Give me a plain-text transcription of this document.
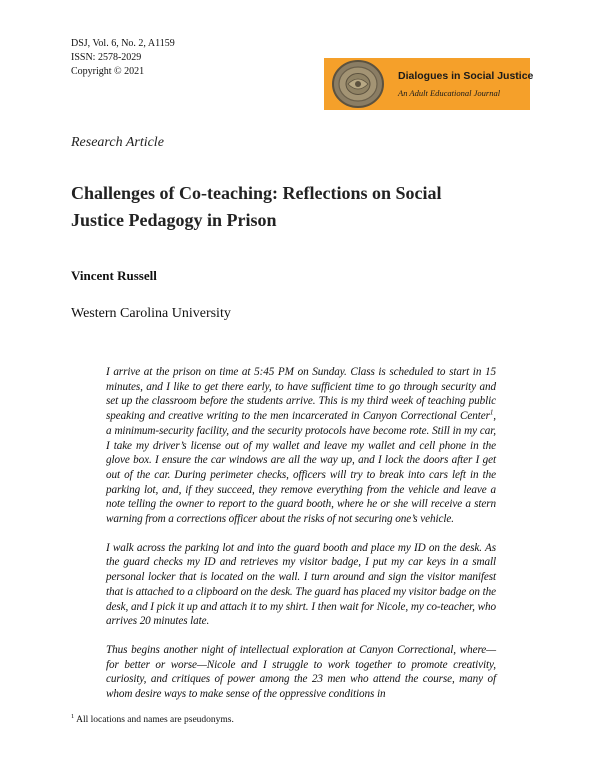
DSJ, Vol. 6, No. 2, A1159
ISSN: 2578-2029
Copyright © 2021	Dialogues in Social Justice
An Adult Educational Journal
Research Article
Challenges of Co-teaching: Reflections on Social Justice Pedagogy in Prison
Vincent Russell
Western Carolina University

I arrive at the prison on time at 5:45 PM on Sunday. Class is scheduled to start in 15 minutes, and I like to get there early, to have sufficient time to go through security and set up the classroom before the students arrive. This is my third week of teaching public speaking and creative writing to the men incarcerated in Canyon Correctional Center$^1$, a minimum-security facility, and the security protocols have become rote. Still in my car, I take my driver’s license out of my wallet and leave my wallet and cell phone in the glove box. I ensure the car windows are all the way up, and I lock the doors after I get out of the car. During perimeter checks, officers will try to break into cars left in the parking lot, and, if they succeed, they remove everything from the vehicle and leave a note telling the owner to report to the guard booth, where he or she will receive a stern warning from a corrections officer about the risks of not securing one’s vehicle.

I walk across the parking lot and into the guard booth and place my ID on the desk. As the guard checks my ID and retrieves my visitor badge, I put my car keys in a small personal locker that is located on the wall. I turn around and sign the visitor manifest that is attached to a clipboard on the desk. The guard has placed my visitor badge on the desk, and I pick it up and attach it to my shirt. I then wait for Nicole, my co-teacher, who arrives 20 minutes late.

Thus begins another night of intellectual exploration at Canyon Correctional, where—for better or worse—Nicole and I struggle to work together to promote creativity, curiosity, and critiques of power among the 23 men who attend the course, many of whom desire ways to make sense of the oppressive conditions in

$^1$ All locations and names are pseudonyms.
